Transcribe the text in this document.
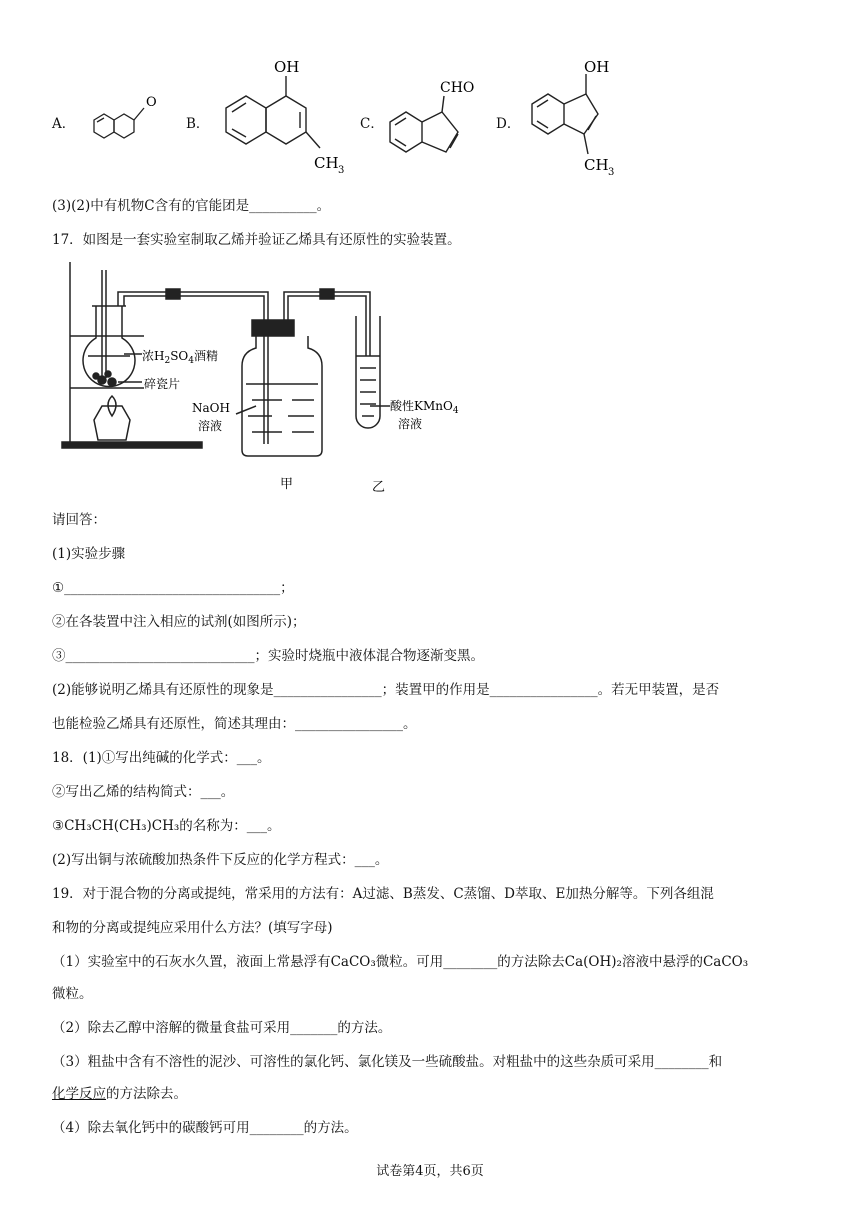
A．
O
B．
OH
CH 3
C．
CHO
D．
OH
CH 3
(3)(2)中有机物C含有的官能团是__________。
17．如图是一套实验室制取乙烯并验证乙烯具有还原性的实验装置。
浓$H_2SO_4$酒精
碎瓷片
NaOH
溶液
酸性KMnO$_4$
溶液
甲	乙
请回答：
(1)实验步骤
①________________________________；
②在各装置中注入相应的试剂(如图所示)；
③____________________________；实验时烧瓶中液体混合物逐渐变黑。
(2)能够说明乙烯具有还原性的现象是________________；装置甲的作用是________________。若无甲装置，是否
也能检验乙烯具有还原性，简述其理由：________________。
18．(1)①写出纯碱的化学式：___。
②写出乙烯的结构简式：___。
③CH₃CH(CH₃)CH₃的名称为：___。
(2)写出铜与浓硫酸加热条件下反应的化学方程式：___。
19．对于混合物的分离或提纯，常采用的方法有：A过滤、B蒸发、C蒸馏、D萃取、E加热分解等。下列各组混
和物的分离或提纯应采用什么方法？(填写字母)
（1）实验室中的石灰水久置，液面上常悬浮有CaCO₃微粒。可用________的方法除去Ca(OH)₂溶液中悬浮的CaCO₃
微粒。
（2）除去乙醇中溶解的微量食盐可采用_______的方法。
（3）粗盐中含有不溶性的泥沙、可溶性的氯化钙、氯化镁及一些硫酸盐。对粗盐中的这些杂质可采用________和
化学反应的方法除去。
（4）除去氧化钙中的碳酸钙可用________的方法。
试卷第4页，共6页
